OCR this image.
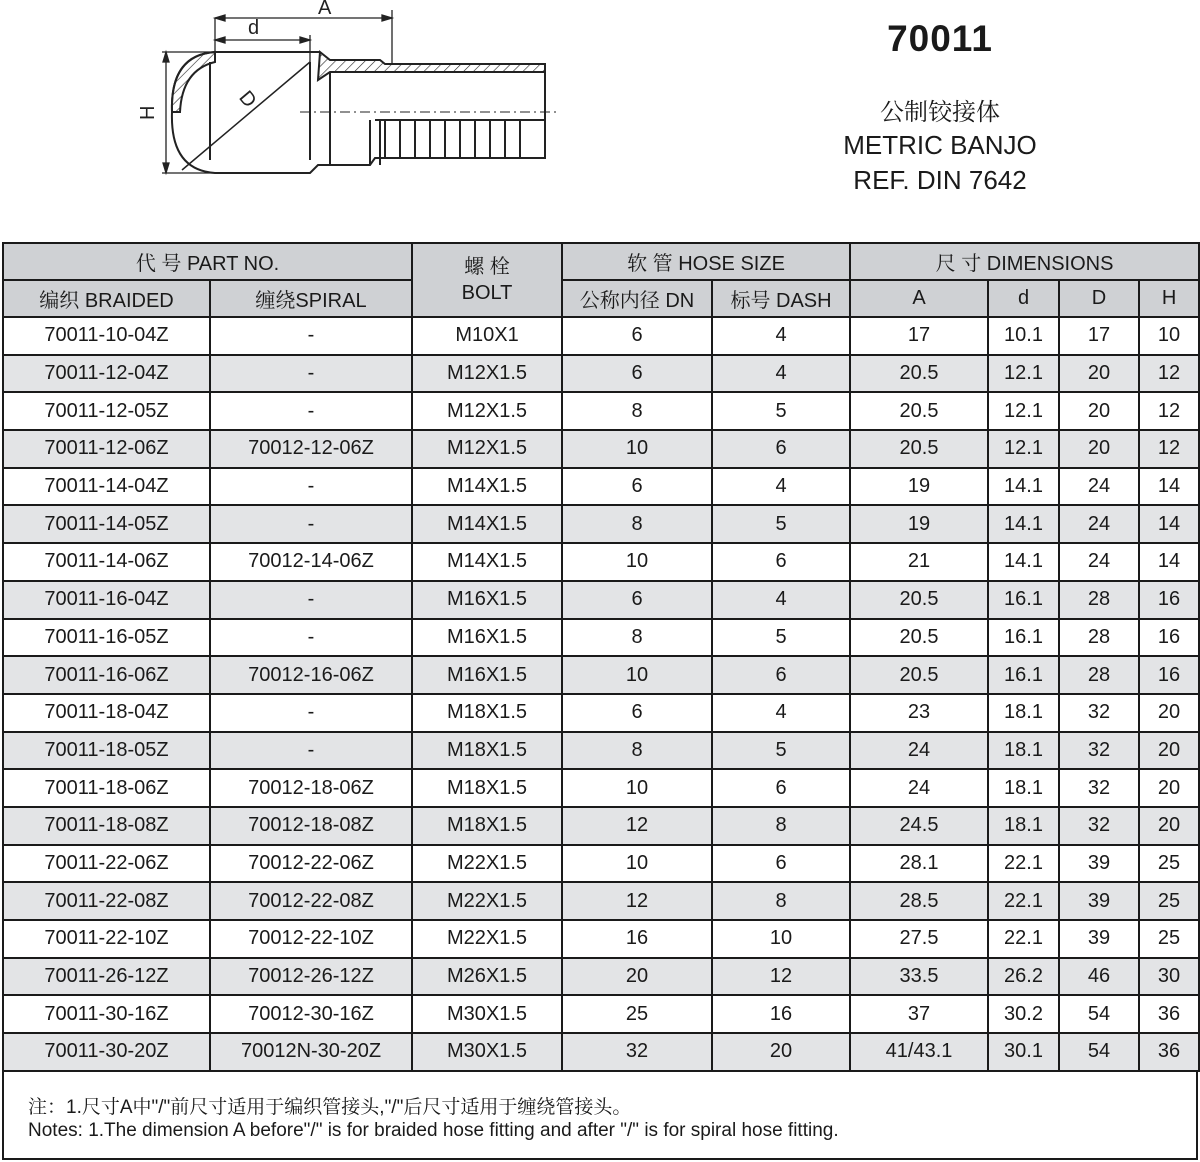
A
d
D
H
70011
公制铰接体
METRIC BANJO
REF. DIN 7642
代 号 PART NO.		螺 栓
BOLT	软 管 HOSE SIZE		尺 寸 DIMENSIONS			
编织 BRAIDED	缠绕SPIRAL		公称内径 DN	标号 DASH	A	d	D	H
70011-10-04Z	-	M10X1	6	4	17	10.1	17	10
70011-12-04Z	-	M12X1.5	6	4	20.5	12.1	20	12
70011-12-05Z	-	M12X1.5	8	5	20.5	12.1	20	12
70011-12-06Z	70012-12-06Z	M12X1.5	10	6	20.5	12.1	20	12
70011-14-04Z	-	M14X1.5	6	4	19	14.1	24	14
70011-14-05Z	-	M14X1.5	8	5	19	14.1	24	14
70011-14-06Z	70012-14-06Z	M14X1.5	10	6	21	14.1	24	14
70011-16-04Z	-	M16X1.5	6	4	20.5	16.1	28	16
70011-16-05Z	-	M16X1.5	8	5	20.5	16.1	28	16
70011-16-06Z	70012-16-06Z	M16X1.5	10	6	20.5	16.1	28	16
70011-18-04Z	-	M18X1.5	6	4	23	18.1	32	20
70011-18-05Z	-	M18X1.5	8	5	24	18.1	32	20
70011-18-06Z	70012-18-06Z	M18X1.5	10	6	24	18.1	32	20
70011-18-08Z	70012-18-08Z	M18X1.5	12	8	24.5	18.1	32	20
70011-22-06Z	70012-22-06Z	M22X1.5	10	6	28.1	22.1	39	25
70011-22-08Z	70012-22-08Z	M22X1.5	12	8	28.5	22.1	39	25
70011-22-10Z	70012-22-10Z	M22X1.5	16	10	27.5	22.1	39	25
70011-26-12Z	70012-26-12Z	M26X1.5	20	12	33.5	26.2	46	30
70011-30-16Z	70012-30-16Z	M30X1.5	25	16	37	30.2	54	36
70011-30-20Z	70012N-30-20Z	M30X1.5	32	20	41/43.1	30.1	54	36
注：1.尺寸A中"/"前尺寸适用于编织管接头,"/"后尺寸适用于缠绕管接头。
Notes: 1.The dimension A before"/" is for braided hose fitting and after "/" is for spiral hose fitting.
